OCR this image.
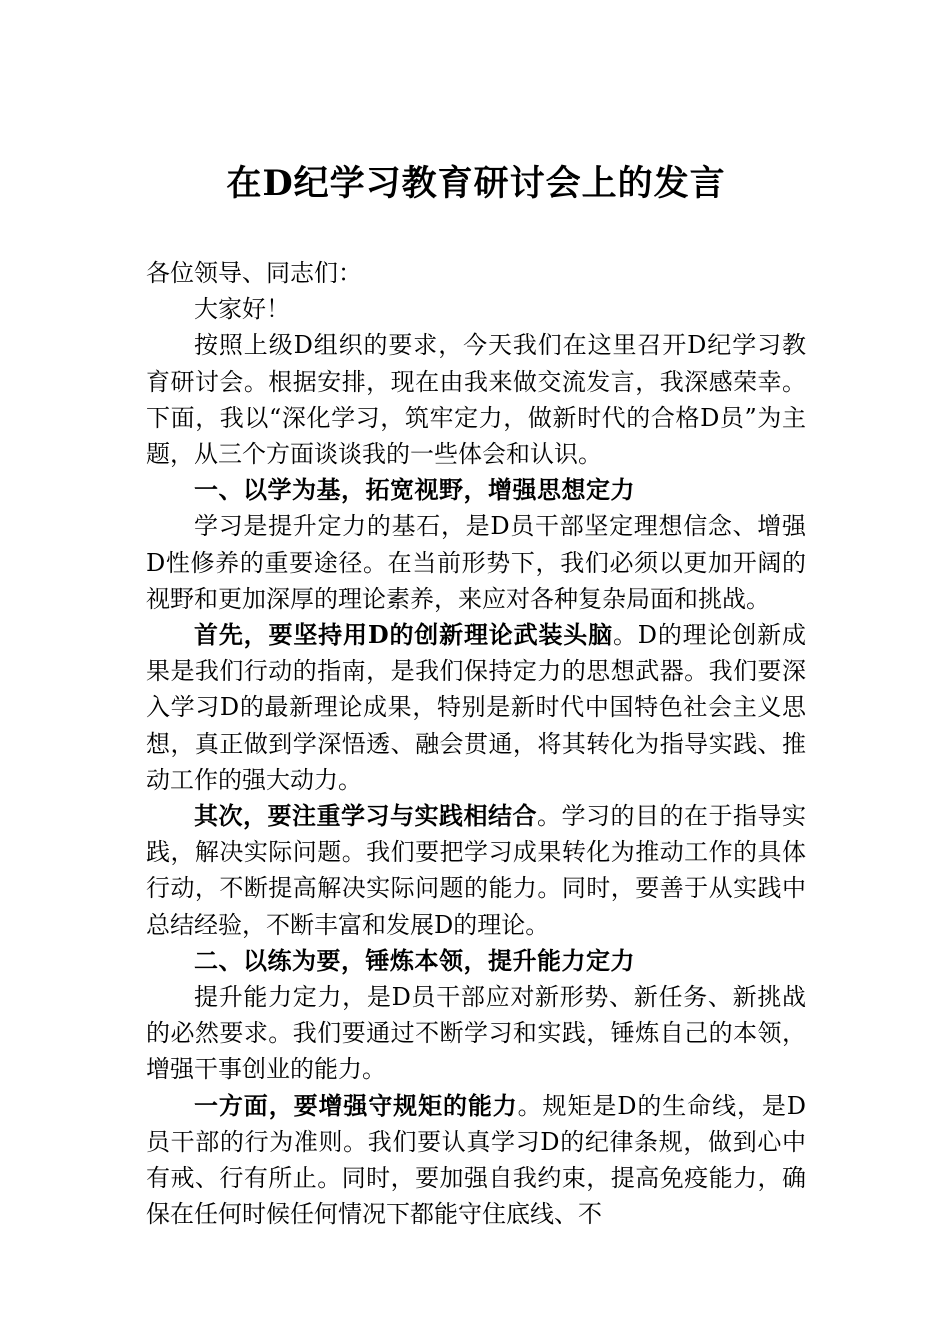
在D纪学习教育研讨会上的发言

各位领导、同志们：

大家好！

按照上级D组织的要求，今天我们在这里召开D纪学习教育研讨会。根据安排，现在由我来做交流发言，我深感荣幸。下面，我以“深化学习，筑牢定力，做新时代的合格D员”为主题，从三个方面谈谈我的一些体会和认识。

一、以学为基，拓宽视野，增强思想定力

学习是提升定力的基石，是D员干部坚定理想信念、增强D性修养的重要途径。在当前形势下，我们必须以更加开阔的视野和更加深厚的理论素养，来应对各种复杂局面和挑战。

首先，要坚持用D的创新理论武装头脑。D的理论创新成果是我们行动的指南，是我们保持定力的思想武器。我们要深入学习D的最新理论成果，特别是新时代中国特色社会主义思想，真正做到学深悟透、融会贯通，将其转化为指导实践、推动工作的强大动力。

其次，要注重学习与实践相结合。学习的目的在于指导实践，解决实际问题。我们要把学习成果转化为推动工作的具体行动，不断提高解决实际问题的能力。同时，要善于从实践中总结经验，不断丰富和发展D的理论。

二、以练为要，锤炼本领，提升能力定力

提升能力定力，是D员干部应对新形势、新任务、新挑战的必然要求。我们要通过不断学习和实践，锤炼自己的本领，增强干事创业的能力。

一方面，要增强守规矩的能力。规矩是D的生命线，是D员干部的行为准则。我们要认真学习D的纪律条规，做到心中有戒、行有所止。同时，要加强自我约束，提高免疫能力，确保在任何时候任何情况下都能守住底线、不
